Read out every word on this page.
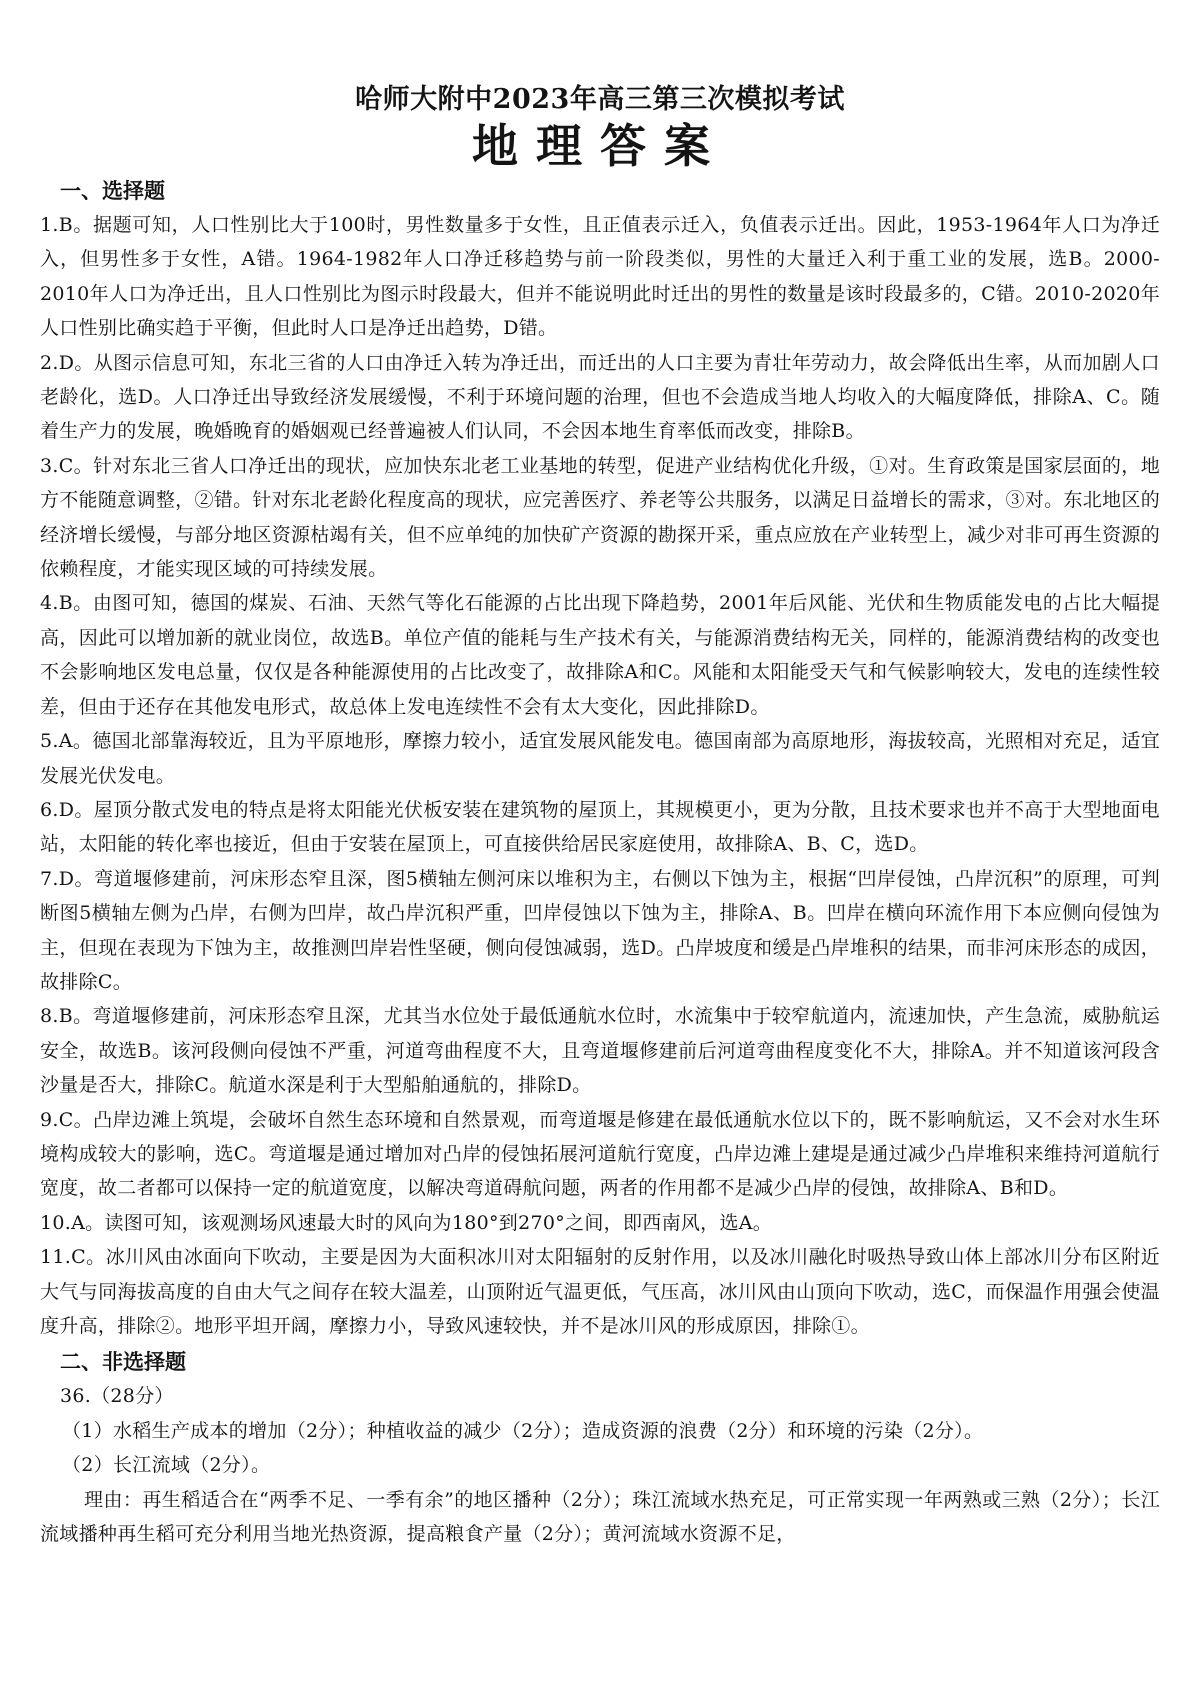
哈师大附中2023年高三第三次模拟考试
地理答案
一、选择题

1.B。据题可知，人口性别比大于100时，男性数量多于女性，且正值表示迁入，负值表示迁出。因此，1953-1964年人口为净迁入，但男性多于女性，A错。1964-1982年人口净迁移趋势与前一阶段类似，男性的大量迁入利于重工业的发展，选B。2000-2010年人口为净迁出，且人口性别比为图示时段最大，但并不能说明此时迁出的男性的数量是该时段最多的，C错。2010-2020年人口性别比确实趋于平衡，但此时人口是净迁出趋势，D错。

2.D。从图示信息可知，东北三省的人口由净迁入转为净迁出，而迁出的人口主要为青壮年劳动力，故会降低出生率，从而加剧人口老龄化，选D。人口净迁出导致经济发展缓慢，不利于环境问题的治理，但也不会造成当地人均收入的大幅度降低，排除A、C。随着生产力的发展，晚婚晚育的婚姻观已经普遍被人们认同，不会因本地生育率低而改变，排除B。

3.C。针对东北三省人口净迁出的现状，应加快东北老工业基地的转型，促进产业结构优化升级，①对。生育政策是国家层面的，地方不能随意调整，②错。针对东北老龄化程度高的现状，应完善医疗、养老等公共服务，以满足日益增长的需求，③对。东北地区的经济增长缓慢，与部分地区资源枯竭有关，但不应单纯的加快矿产资源的勘探开采，重点应放在产业转型上，减少对非可再生资源的依赖程度，才能实现区域的可持续发展。

4.B。由图可知，德国的煤炭、石油、天然气等化石能源的占比出现下降趋势，2001年后风能、光伏和生物质能发电的占比大幅提高，因此可以增加新的就业岗位，故选B。单位产值的能耗与生产技术有关，与能源消费结构无关，同样的，能源消费结构的改变也不会影响地区发电总量，仅仅是各种能源使用的占比改变了，故排除A和C。风能和太阳能受天气和气候影响较大，发电的连续性较差，但由于还存在其他发电形式，故总体上发电连续性不会有太大变化，因此排除D。

5.A。德国北部靠海较近，且为平原地形，摩擦力较小，适宜发展风能发电。德国南部为高原地形，海拔较高，光照相对充足，适宜发展光伏发电。

6.D。屋顶分散式发电的特点是将太阳能光伏板安装在建筑物的屋顶上，其规模更小，更为分散，且技术要求也并不高于大型地面电站，太阳能的转化率也接近，但由于安装在屋顶上，可直接供给居民家庭使用，故排除A、B、C，选D。

7.D。弯道堰修建前，河床形态窄且深，图5横轴左侧河床以堆积为主，右侧以下蚀为主，根据“凹岸侵蚀，凸岸沉积”的原理，可判断图5横轴左侧为凸岸，右侧为凹岸，故凸岸沉积严重，凹岸侵蚀以下蚀为主，排除A、B。凹岸在横向环流作用下本应侧向侵蚀为主，但现在表现为下蚀为主，故推测凹岸岩性坚硬，侧向侵蚀减弱，选D。凸岸坡度和缓是凸岸堆积的结果，而非河床形态的成因，故排除C。

8.B。弯道堰修建前，河床形态窄且深，尤其当水位处于最低通航水位时，水流集中于较窄航道内，流速加快，产生急流，威胁航运安全，故选B。该河段侧向侵蚀不严重，河道弯曲程度不大，且弯道堰修建前后河道弯曲程度变化不大，排除A。并不知道该河段含沙量是否大，排除C。航道水深是利于大型船舶通航的，排除D。

9.C。凸岸边滩上筑堤，会破坏自然生态环境和自然景观，而弯道堰是修建在最低通航水位以下的，既不影响航运，又不会对水生环境构成较大的影响，选C。弯道堰是通过增加对凸岸的侵蚀拓展河道航行宽度，凸岸边滩上建堤是通过减少凸岸堆积来维持河道航行宽度，故二者都可以保持一定的航道宽度，以解决弯道碍航问题，两者的作用都不是减少凸岸的侵蚀，故排除A、B和D。

10.A。读图可知，该观测场风速最大时的风向为180°到270°之间，即西南风，选A。

11.C。冰川风由冰面向下吹动，主要是因为大面积冰川对太阳辐射的反射作用，以及冰川融化时吸热导致山体上部冰川分布区附近大气与同海拔高度的自由大气之间存在较大温差，山顶附近气温更低，气压高，冰川风由山顶向下吹动，选C，而保温作用强会使温度升高，排除②。地形平坦开阔，摩擦力小，导致风速较快，并不是冰川风的形成原因，排除①。

二、非选择题

36.（28分）

（1）水稻生产成本的增加（2分）；种植收益的减少（2分）；造成资源的浪费（2分）和环境的污染（2分）。

（2）长江流域（2分）。

理由：再生稻适合在“两季不足、一季有余”的地区播种（2分）；珠江流域水热充足，可正常实现一年两熟或三熟（2分）；长江流域播种再生稻可充分利用当地光热资源，提高粮食产量（2分）；黄河流域水资源不足，
